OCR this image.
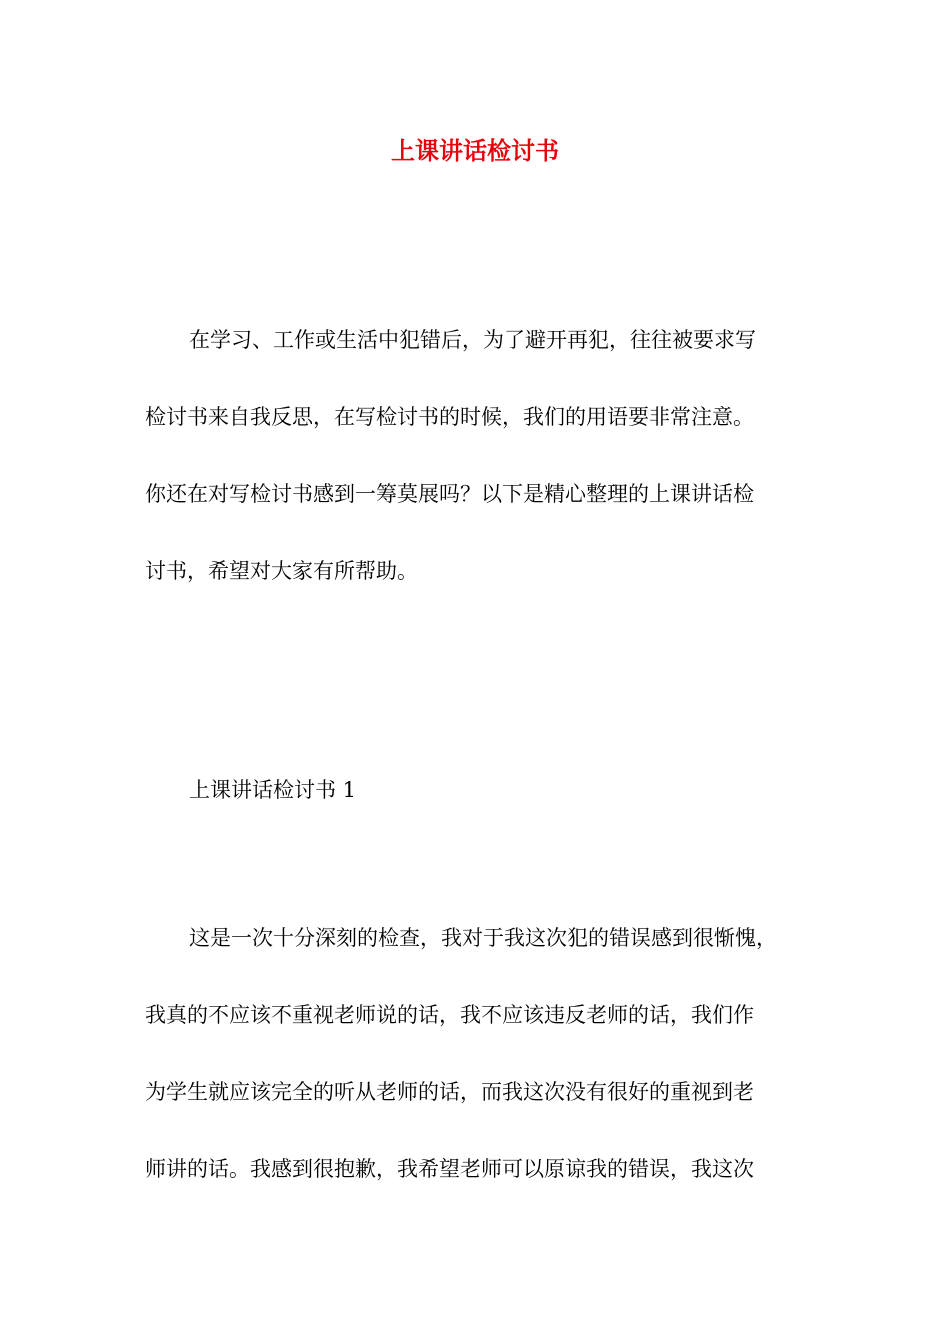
上课讲话检讨书
在学习、工作或生活中犯错后，为了避开再犯，往往被要求写
检讨书来自我反思，在写检讨书的时候，我们的用语要非常注意。
你还在对写检讨书感到一筹莫展吗？以下是精心整理的上课讲话检
讨书，希望对大家有所帮助。
上课讲话检讨书 1
这是一次十分深刻的检查，我对于我这次犯的错误感到很惭愧，
我真的不应该不重视老师说的话，我不应该违反老师的话，我们作
为学生就应该完全的听从老师的话，而我这次没有很好的重视到老
师讲的话。我感到很抱歉，我希望老师可以原谅我的错误，我这次
